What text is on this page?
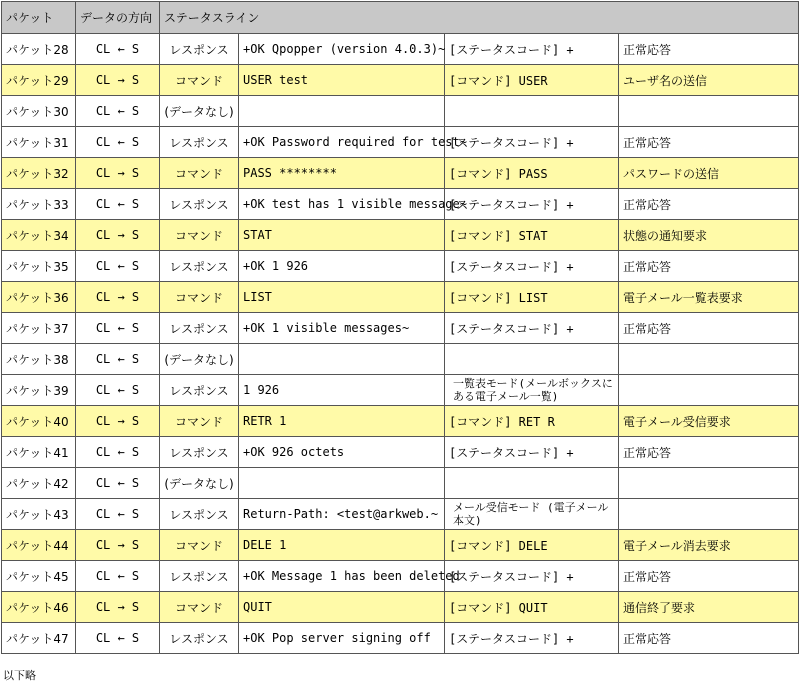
パケット	データの方向	ステータスライン			
パケット28	CL ← S	レスポンス	+OK Qpopper (version 4.0.3)~	[ステータスコード] +	正常応答
パケット29	CL → S	コマンド	USER test	[コマンド] USER	ユーザ名の送信
パケット30	CL ← S	(データなし)			
パケット31	CL ← S	レスポンス	+OK Password required for test~	[ステータスコード] +	正常応答
パケット32	CL → S	コマンド	PASS ********	[コマンド] PASS	パスワードの送信
パケット33	CL ← S	レスポンス	+OK test has 1 visible message~	[ステータスコード] +	正常応答
パケット34	CL → S	コマンド	STAT	[コマンド] STAT	状態の通知要求
パケット35	CL ← S	レスポンス	+OK 1 926	[ステータスコード] +	正常応答
パケット36	CL → S	コマンド	LIST	[コマンド] LIST	電子メール一覧表要求
パケット37	CL ← S	レスポンス	+OK 1 visible messages~	[ステータスコード] +	正常応答
パケット38	CL ← S	(データなし)			
パケット39	CL ← S	レスポンス	1 926	一覧表モード(メールボックスにある電子メール一覧)	
パケット40	CL → S	コマンド	RETR 1	[コマンド] RET R	電子メール受信要求
パケット41	CL ← S	レスポンス	+OK 926 octets	[ステータスコード] +	正常応答
パケット42	CL ← S	(データなし)			
パケット43	CL ← S	レスポンス	Return-Path: <test@arkweb.~	メール受信モード (電子メール本文)	
パケット44	CL → S	コマンド	DELE 1	[コマンド] DELE	電子メール消去要求
パケット45	CL ← S	レスポンス	+OK Message 1 has been deleted	[ステータスコード] +	正常応答
パケット46	CL → S	コマンド	QUIT	[コマンド] QUIT	通信終了要求
パケット47	CL ← S	レスポンス	+OK Pop server signing off	[ステータスコード] +	正常応答
以下略
